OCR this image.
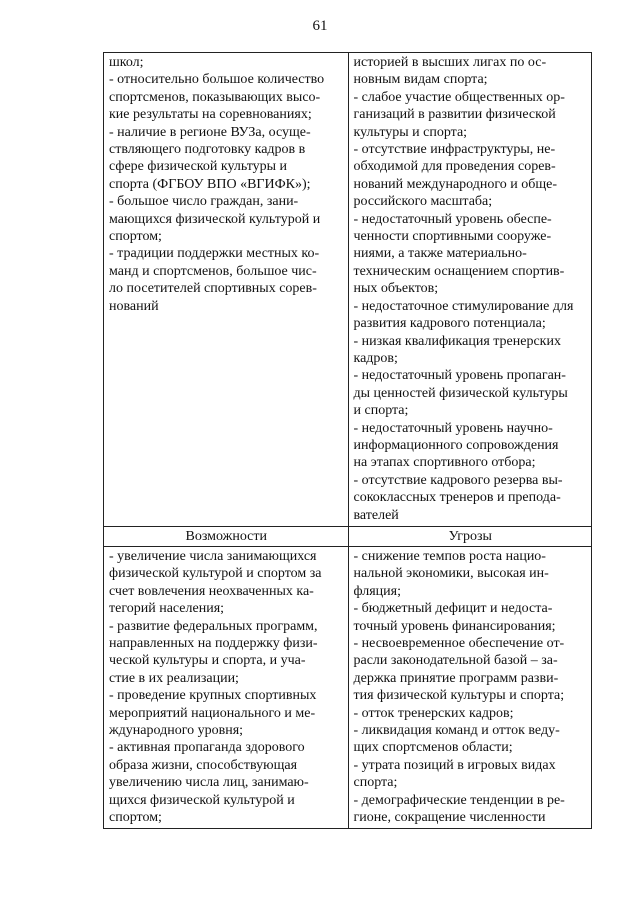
61
школ;
- относительно большое количество
спортсменов, показывающих высо-
кие результаты на соревнованиях;
- наличие в регионе ВУЗа, осуще-
ствляющего подготовку кадров в
сфере физической культуры и
спорта (ФГБОУ ВПО «ВГИФК»);
- большое число граждан, зани-
мающихся физической культурой и
спортом;
- традиции поддержки местных ко-
манд и спортсменов, большое чис-
ло посетителей спортивных сорев-
нований
историей в высших лигах по ос-
новным видам спорта;
- слабое участие общественных ор-
ганизаций в развитии физической
культуры и спорта;
- отсутствие инфраструктуры, не-
обходимой для проведения сорев-
нований международного и обще-
российского масштаба;
- недостаточный уровень обеспе-
ченности спортивными сооруже-
ниями, а также материально-
техническим оснащением спортив-
ных объектов;
- недостаточное стимулирование для
развития кадрового потенциала;
- низкая квалификация тренерских
кадров;
- недостаточный уровень пропаган-
ды ценностей физической культуры
и спорта;
- недостаточный уровень научно-
информационного сопровождения
на этапах спортивного отбора;
- отсутствие кадрового резерва вы-
сококлассных тренеров и препода-
вателей
Возможности	Угрозы
- увеличение числа занимающихся
физической культурой и спортом за
счет вовлечения неохваченных ка-
тегорий населения;
- развитие федеральных программ,
направленных на поддержку физи-
ческой культуры и спорта, и уча-
стие в их реализации;
- проведение крупных спортивных
мероприятий национального и ме-
ждународного уровня;
- активная пропаганда здорового
образа жизни, способствующая
увеличению числа лиц, занимаю-
щихся физической культурой и
спортом;
- снижение темпов роста нацио-
нальной экономики, высокая ин-
фляция;
- бюджетный дефицит и недоста-
точный уровень финансирования;
- несвоевременное обеспечение от-
расли законодательной базой – за-
держка принятие программ разви-
тия физической культуры и спорта;
- отток тренерских кадров;
- ликвидация команд и отток веду-
щих спортсменов области;
- утрата позиций в игровых видах
спорта;
- демографические тенденции в ре-
гионе, сокращение численности
